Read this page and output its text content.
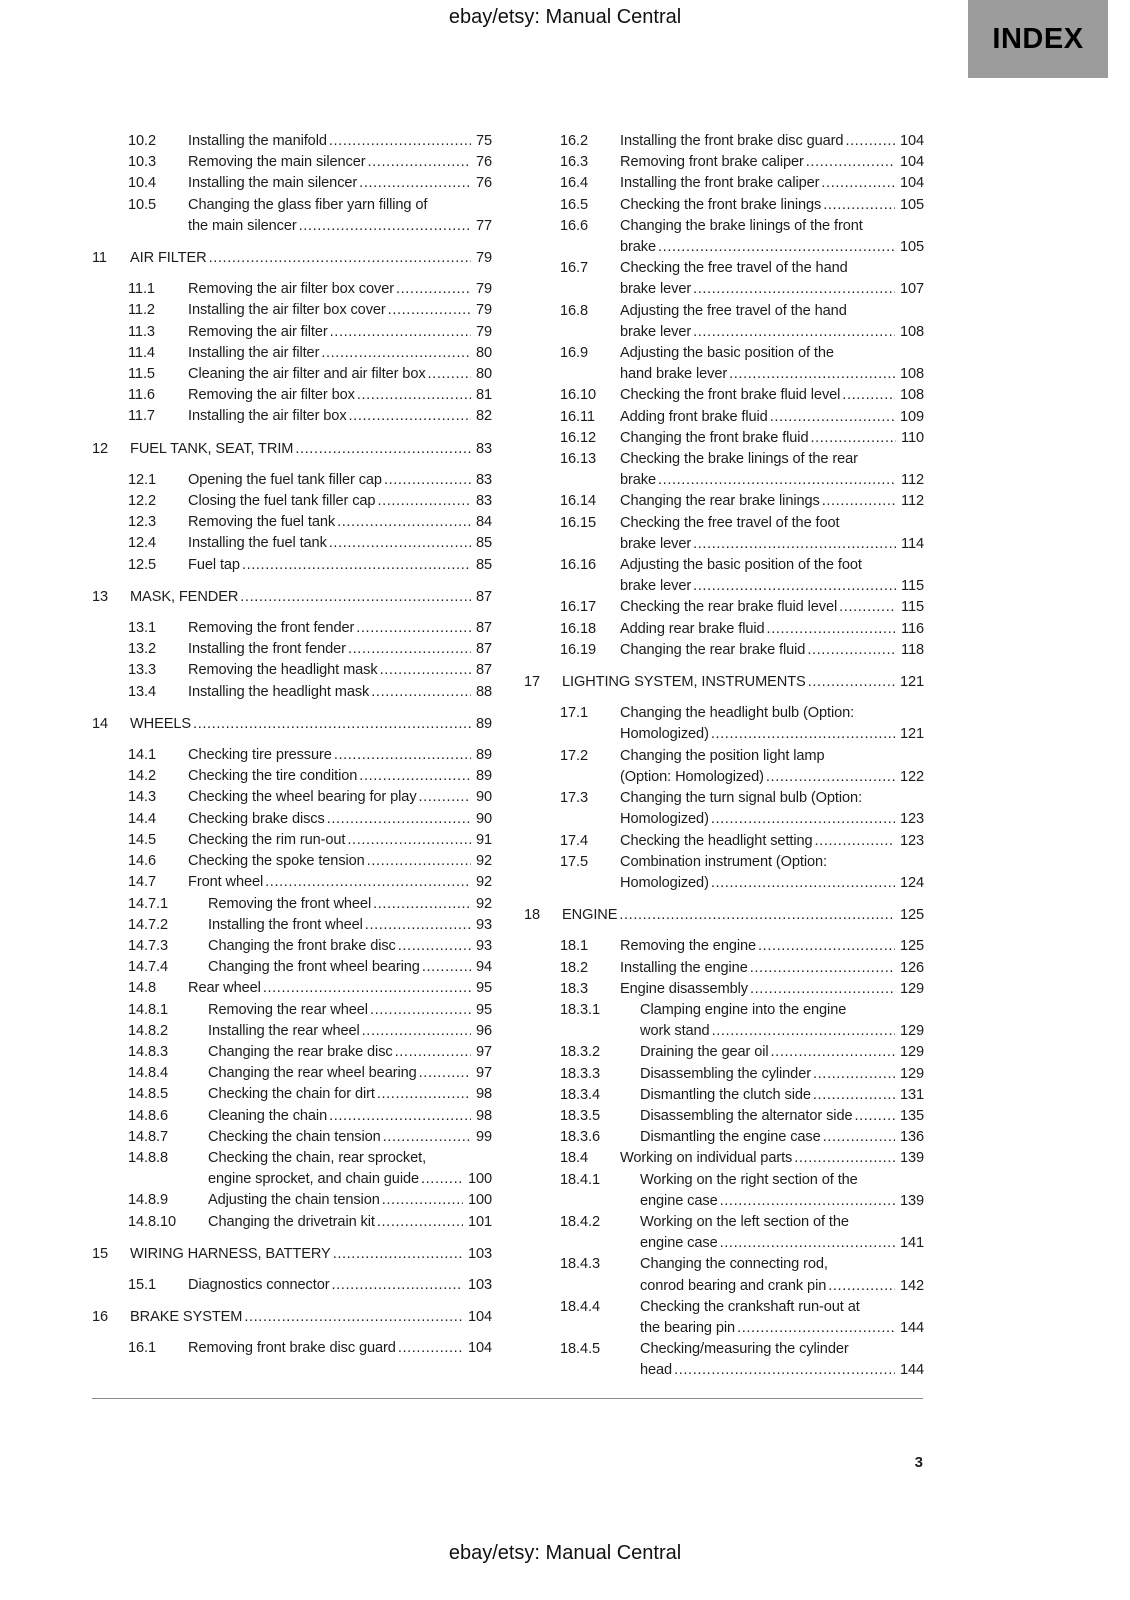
ebay/etsy: Manual Central
INDEX
10.2	Installing the manifold .....	75
10.3	Removing the main silencer .....	76
10.4	Installing the main silencer .....	76
10.5	Changing the glass fiber yarn filling of
the main silencer .....	77
11	AIR FILTER .....	79
11.1	Removing the air filter box cover .....	79
11.2	Installing the air filter box cover .....	79
11.3	Removing the air filter .....	79
11.4	Installing the air filter .....	80
11.5	Cleaning the air filter and air filter box .....	80
11.6	Removing the air filter box .....	81
11.7	Installing the air filter box .....	82
12	FUEL TANK, SEAT, TRIM .....	83
12.1	Opening the fuel tank filler cap .....	83
12.2	Closing the fuel tank filler cap .....	83
12.3	Removing the fuel tank .....	84
12.4	Installing the fuel tank .....	85
12.5	Fuel tap .....	85
13	MASK, FENDER .....	87
13.1	Removing the front fender .....	87
13.2	Installing the front fender .....	87
13.3	Removing the headlight mask .....	87
13.4	Installing the headlight mask .....	88
14	WHEELS .....	89
14.1	Checking tire pressure .....	89
14.2	Checking the tire condition .....	89
14.3	Checking the wheel bearing for play .....	90
14.4	Checking brake discs .....	90
14.5	Checking the rim run-out .....	91
14.6	Checking the spoke tension .....	92
14.7	Front wheel .....	92
14.7.1	Removing the front wheel .....	92
14.7.2	Installing the front wheel .....	93
14.7.3	Changing the front brake disc .....	93
14.7.4	Changing the front wheel bearing .....	94
14.8	Rear wheel .....	95
14.8.1	Removing the rear wheel .....	95
14.8.2	Installing the rear wheel .....	96
14.8.3	Changing the rear brake disc .....	97
14.8.4	Changing the rear wheel bearing .....	97
14.8.5	Checking the chain for dirt .....	98
14.8.6	Cleaning the chain .....	98
14.8.7	Checking the chain tension .....	99
14.8.8	Checking the chain, rear sprocket,
engine sprocket, and chain guide .....	100
14.8.9	Adjusting the chain tension .....	100
14.8.10	Changing the drivetrain kit .....	101
15	WIRING HARNESS, BATTERY .....	103
15.1	Diagnostics connector .....	103
16	BRAKE SYSTEM .....	104
16.1	Removing front brake disc guard .....	104
16.2	Installing the front brake disc guard .....	104
16.3	Removing front brake caliper .....	104
16.4	Installing the front brake caliper .....	104
16.5	Checking the front brake linings .....	105
16.6	Changing the brake linings of the front
brake .....	105
16.7	Checking the free travel of the hand
brake lever .....	107
16.8	Adjusting the free travel of the hand
brake lever .....	108
16.9	Adjusting the basic position of the
hand brake lever .....	108
16.10	Checking the front brake fluid level .....	108
16.11	Adding front brake fluid .....	109
16.12	Changing the front brake fluid .....	110
16.13	Checking the brake linings of the rear
brake .....	112
16.14	Changing the rear brake linings .....	112
16.15	Checking the free travel of the foot
brake lever .....	114
16.16	Adjusting the basic position of the foot
brake lever .....	115
16.17	Checking the rear brake fluid level .....	115
16.18	Adding rear brake fluid .....	116
16.19	Changing the rear brake fluid .....	118
17	LIGHTING SYSTEM, INSTRUMENTS .....	121
17.1	Changing the headlight bulb (Option:
Homologized) .....	121
17.2	Changing the position light lamp
(Option: Homologized) .....	122
17.3	Changing the turn signal bulb (Option:
Homologized) .....	123
17.4	Checking the headlight setting .....	123
17.5	Combination instrument (Option:
Homologized) .....	124
18	ENGINE .....	125
18.1	Removing the engine .....	125
18.2	Installing the engine .....	126
18.3	Engine disassembly .....	129
18.3.1	Clamping engine into the engine
work stand .....	129
18.3.2	Draining the gear oil .....	129
18.3.3	Disassembling the cylinder .....	129
18.3.4	Dismantling the clutch side .....	131
18.3.5	Disassembling the alternator side .....	135
18.3.6	Dismantling the engine case .....	136
18.4	Working on individual parts .....	139
18.4.1	Working on the right section of the
engine case .....	139
18.4.2	Working on the left section of the
engine case .....	141
18.4.3	Changing the connecting rod,
conrod bearing and crank pin .....	142
18.4.4	Checking the crankshaft run-out at
the bearing pin .....	144
18.4.5	Checking/measuring the cylinder
head .....	144
3
ebay/etsy: Manual Central
